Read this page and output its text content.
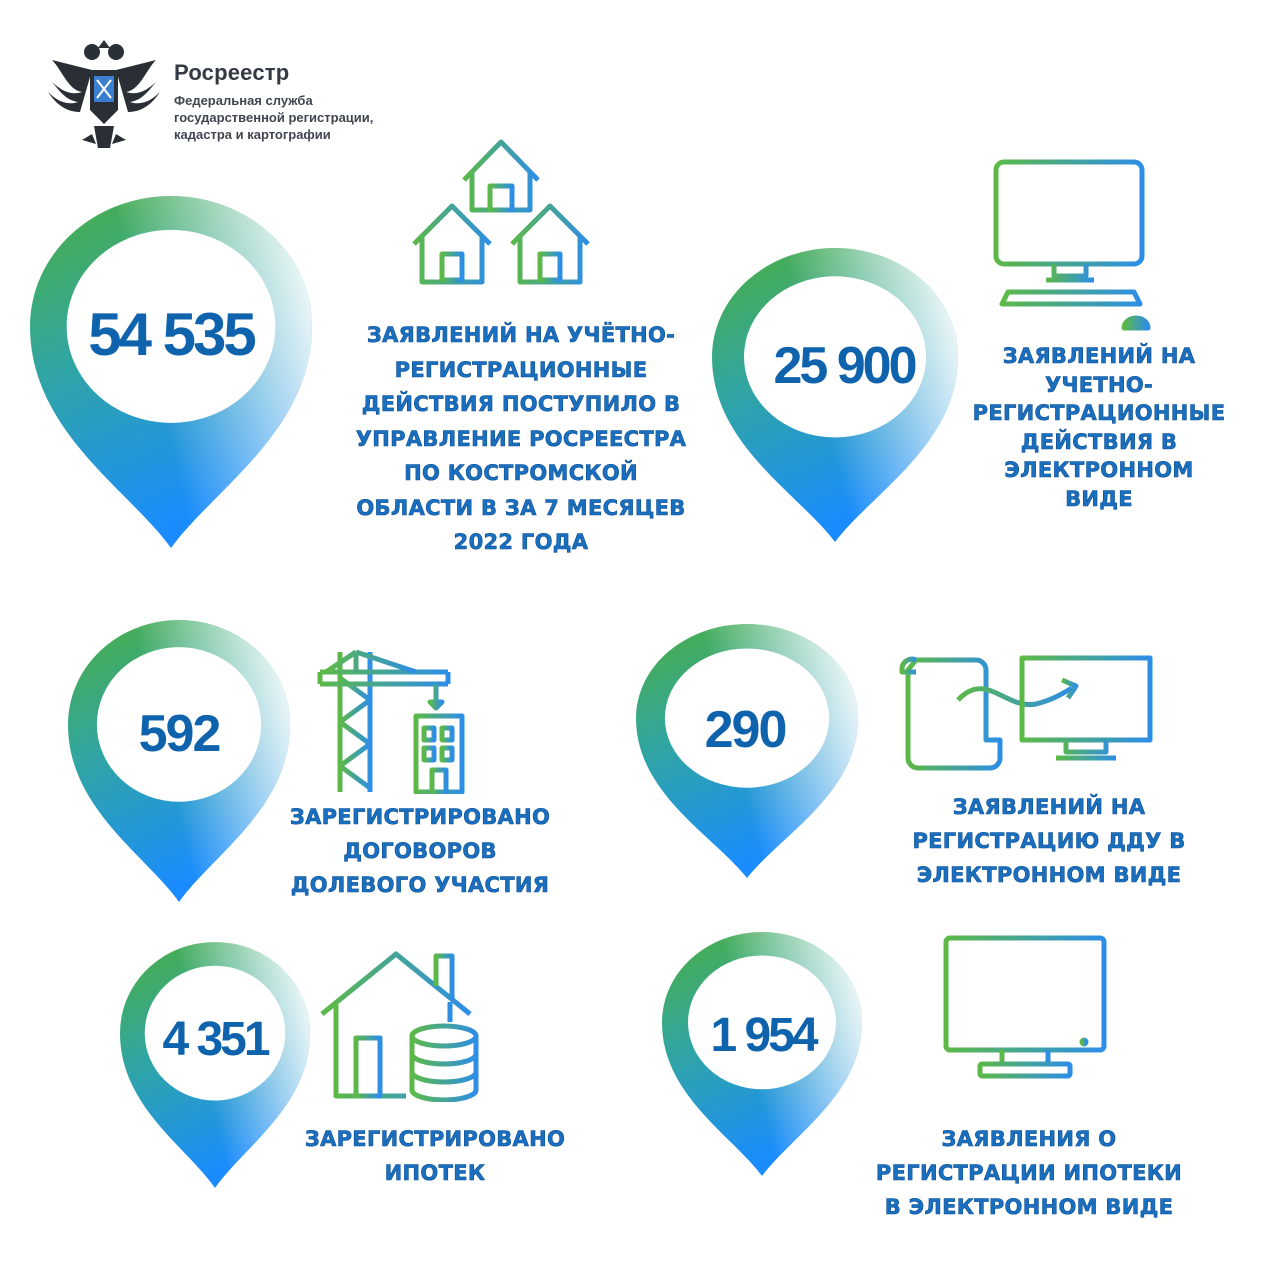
Росреестр
Федеральная служба
государственной регистрации,
кадастра и картографии
54 535	ЗАЯВЛЕНИЙ НА УЧЁТНО-
РЕГИСТРАЦИОННЫЕ
ДЕЙСТВИЯ ПОСТУПИЛО В
УПРАВЛЕНИЕ РОСРЕЕСТРА
ПО КОСТРОМСКОЙ
ОБЛАСТИ В ЗА 7 МЕСЯЦЕВ
2022 ГОДА
25 900	ЗАЯВЛЕНИЙ НА
УЧЕТНО-
РЕГИСТРАЦИОННЫЕ
ДЕЙСТВИЯ В
ЭЛЕКТРОННОМ
ВИДЕ
592
ЗАРЕГИСТРИРОВАНО
ДОГОВОРОВ
ДОЛЕВОГО УЧАСТИЯ
290
ЗАЯВЛЕНИЙ НА
РЕГИСТРАЦИЮ ДДУ В
ЭЛЕКТРОННОМ ВИДЕ
4 351
ЗАРЕГИСТРИРОВАНО
ИПОТЕК
1 954
ЗАЯВЛЕНИЯ О
РЕГИСТРАЦИИ ИПОТЕКИ
В ЭЛЕКТРОННОМ ВИДЕ
